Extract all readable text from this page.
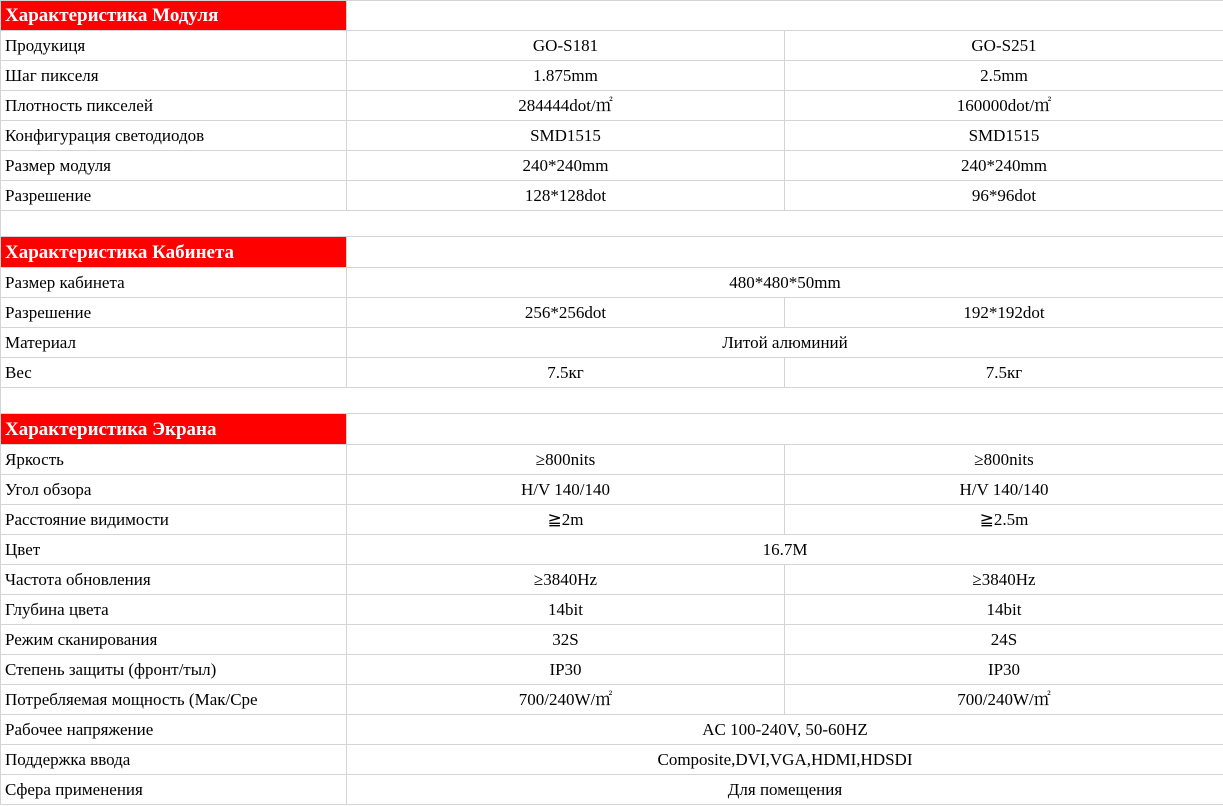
Характеристика Модуля		
Продукиця	GO-S181	GO-S251
Шаг пикселя	1.875mm	2.5mm
Плотность пикселей	284444dot/㎡	160000dot/㎡
Конфигурация светодиодов	SMD1515	SMD1515
Размер модуля	240*240mm	240*240mm
Разрешение	128*128dot	96*96dot

Характеристика Кабинета		
Размер кабинета	480*480*50mm	
Разрешение	256*256dot	192*192dot
Материал	Литой алюминий	
Вес	7.5кг	7.5кг

Характеристика Экрана		
Яркость	≥800nits	≥800nits
Угол обзора	H/V 140/140	H/V 140/140
Расстояние видимости	≧2m	≧2.5m
Цвет	16.7M	
Частота обновления	≥3840Hz	≥3840Hz
Глубина цвета	14bit	14bit
Режим сканирования	32S	24S
Степень защиты (фронт/тыл)	IP30	IP30
Потребляемая мощность (Мак/Сре	700/240W/㎡	700/240W/㎡
Рабочее напряжение	AC 100-240V, 50-60HZ	
Поддержка ввода	Composite,DVI,VGA,HDMI,HDSDI	
Сфера применения	Для помещения	
